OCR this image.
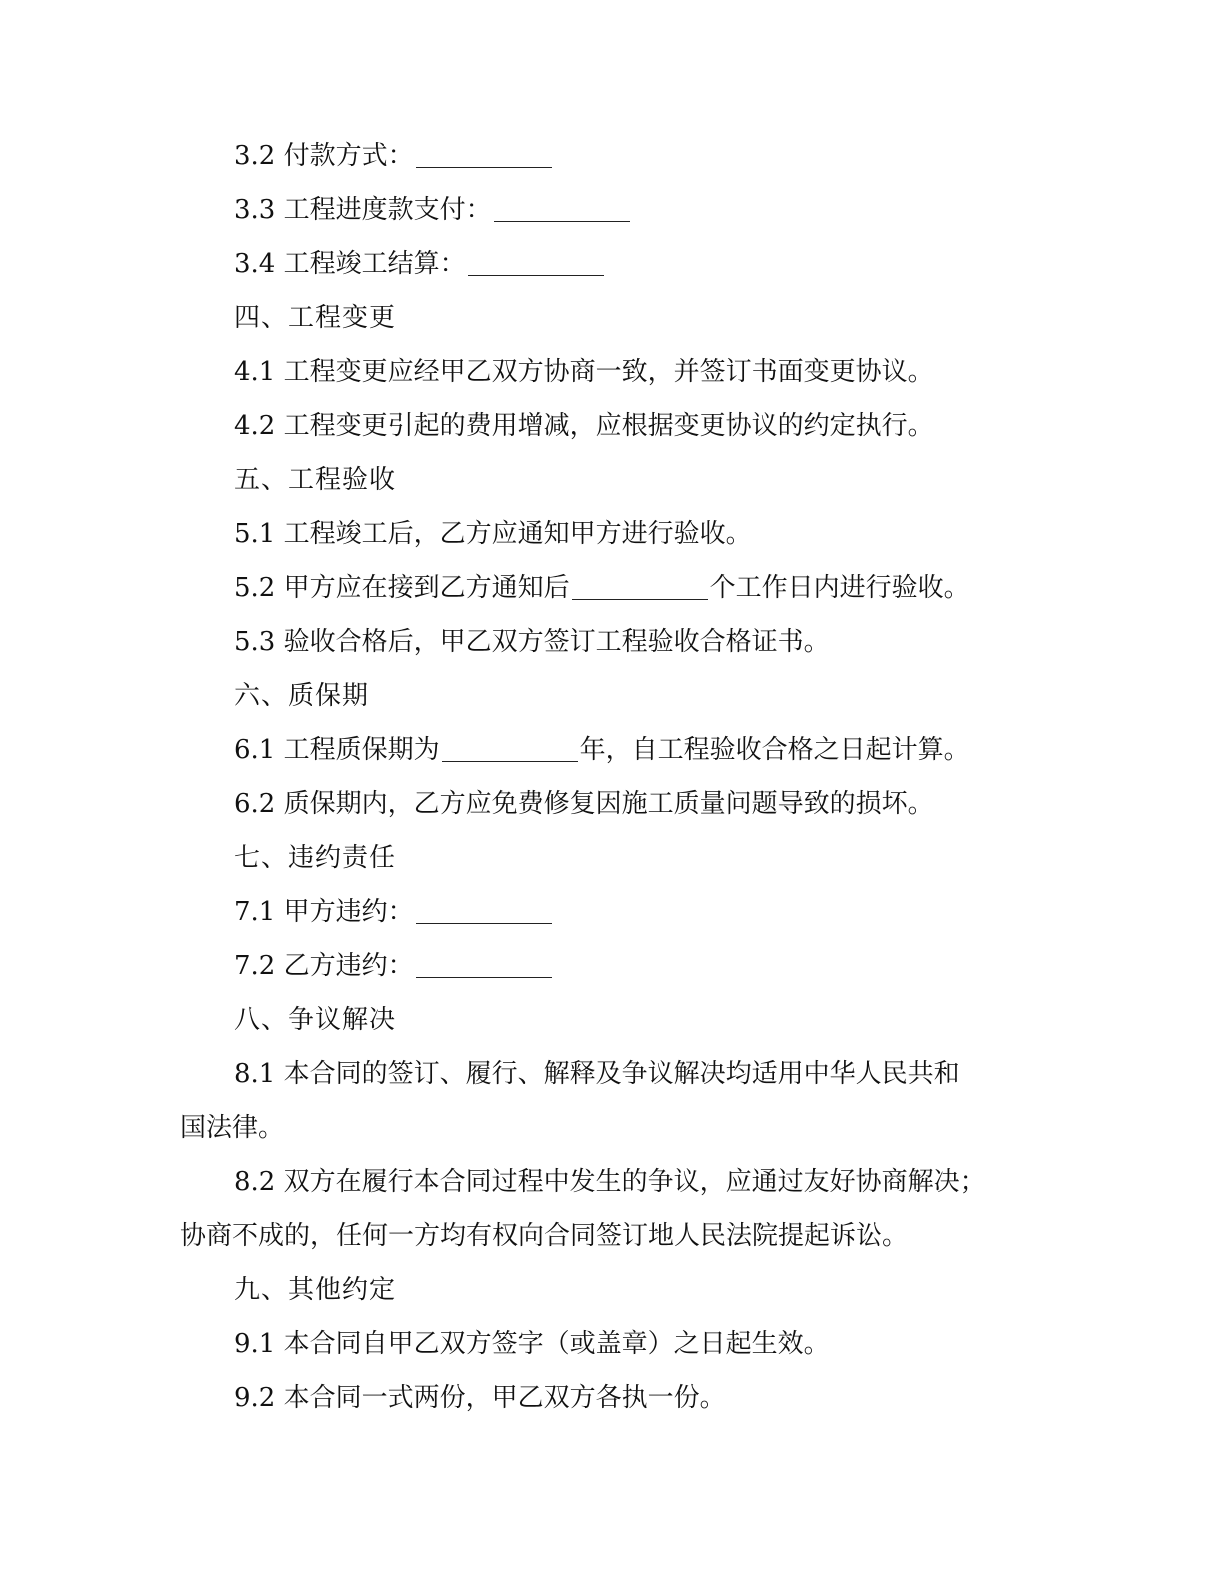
3.2 付款方式：

3.3 工程进度款支付：

3.4 工程竣工结算：

四、工程变更

4.1 工程变更应经甲乙双方协商一致，并签订书面变更协议。

4.2 工程变更引起的费用增减，应根据变更协议的约定执行。

五、工程验收

5.1 工程竣工后，乙方应通知甲方进行验收。

5.2 甲方应在接到乙方通知后	个工作日内进行验收。

5.3 验收合格后，甲乙双方签订工程验收合格证书。

六、质保期

6.1 工程质保期为	年，自工程验收合格之日起计算。

6.2 质保期内，乙方应免费修复因施工质量问题导致的损坏。

七、违约责任

7.1 甲方违约：

7.2 乙方违约：

八、争议解决

8.1 本合同的签订、履行、解释及争议解决均适用中华人民共和

国法律。

8.2 双方在履行本合同过程中发生的争议，应通过友好协商解决；

协商不成的，任何一方均有权向合同签订地人民法院提起诉讼。

九、其他约定

9.1 本合同自甲乙双方签字（或盖章）之日起生效。

9.2 本合同一式两份，甲乙双方各执一份。
